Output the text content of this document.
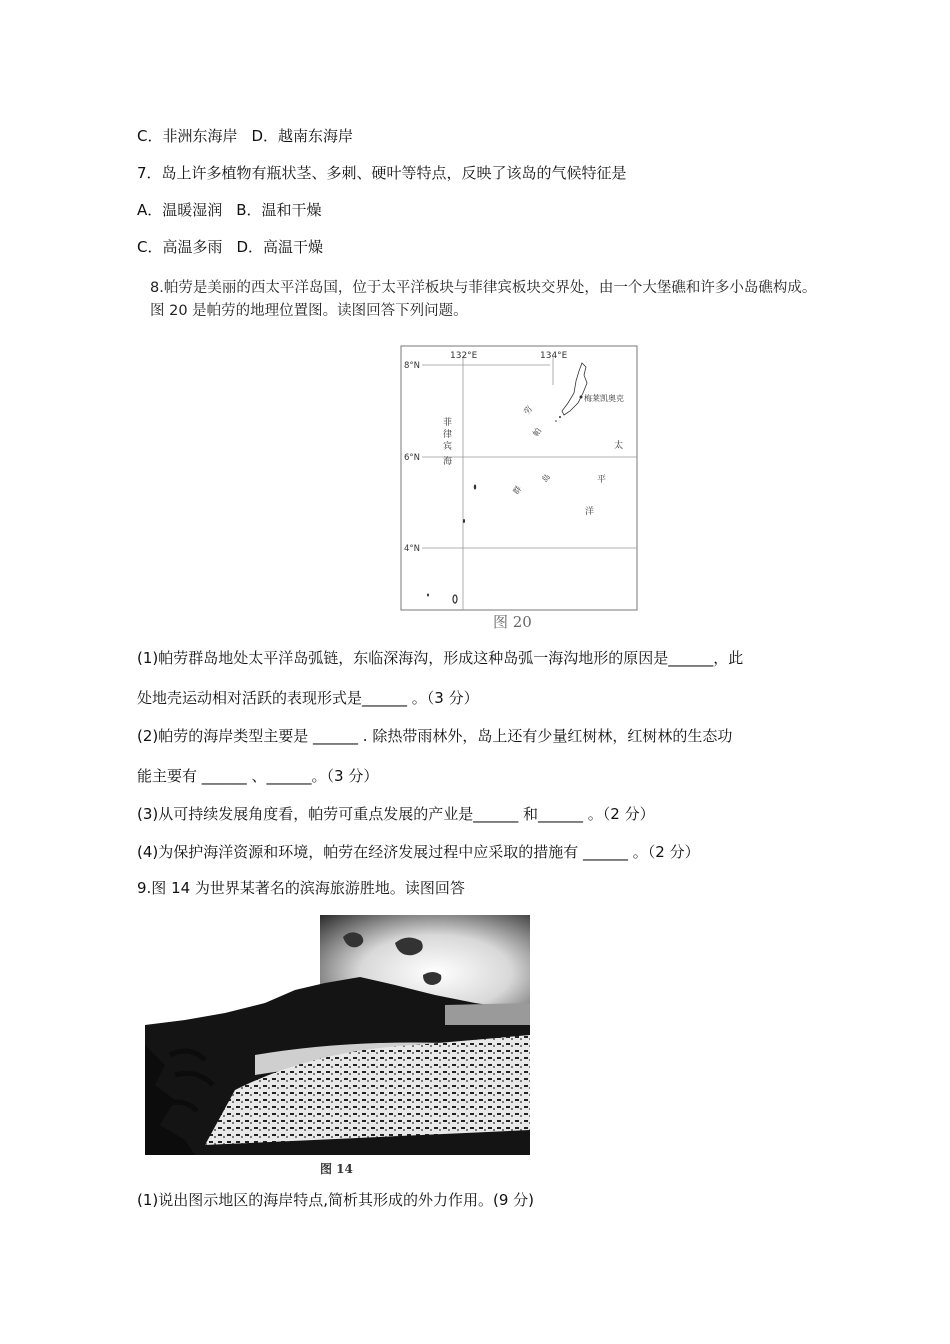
C．非洲东海岸 D．越南东海岸
7．岛上许多植物有瓶状茎、多刺、硬叶等特点，反映了该岛的气候特征是
A．温暖湿润 B．温和干燥
C．高温多雨 D．高温干燥
8.帕劳是美丽的西太平洋岛国，位于太平洋板块与菲律宾板块交界处，由一个大堡礁和许多小岛礁构成。
图 20 是帕劳的地理位置图。读图回答下列问题。
132°E	134°E
8°N
6°N
4°N
菲
律
宾
海
太
平
洋
帕
劳
群
岛
梅莱凯奥克
图 20
(1)帕劳群岛地处太平洋岛弧链，东临深海沟，形成这种岛弧一海沟地形的原因是______，此
处地壳运动相对活跃的表现形式是______ 。（3 分）
(2)帕劳的海岸类型主要是 ______ . 除热带雨林外，岛上还有少量红树林，红树林的生态功
能主要有 ______ 、______。（3 分）
(3)从可持续发展角度看，帕劳可重点发展的产业是______ 和______ 。（2 分）
(4)为保护海洋资源和环境，帕劳在经济发展过程中应采取的措施有 ______ 。（2 分）
9.图 14 为世界某著名的滨海旅游胜地。读图回答
图 14
(1)说出图示地区的海岸特点,简析其形成的外力作用。(9 分)
